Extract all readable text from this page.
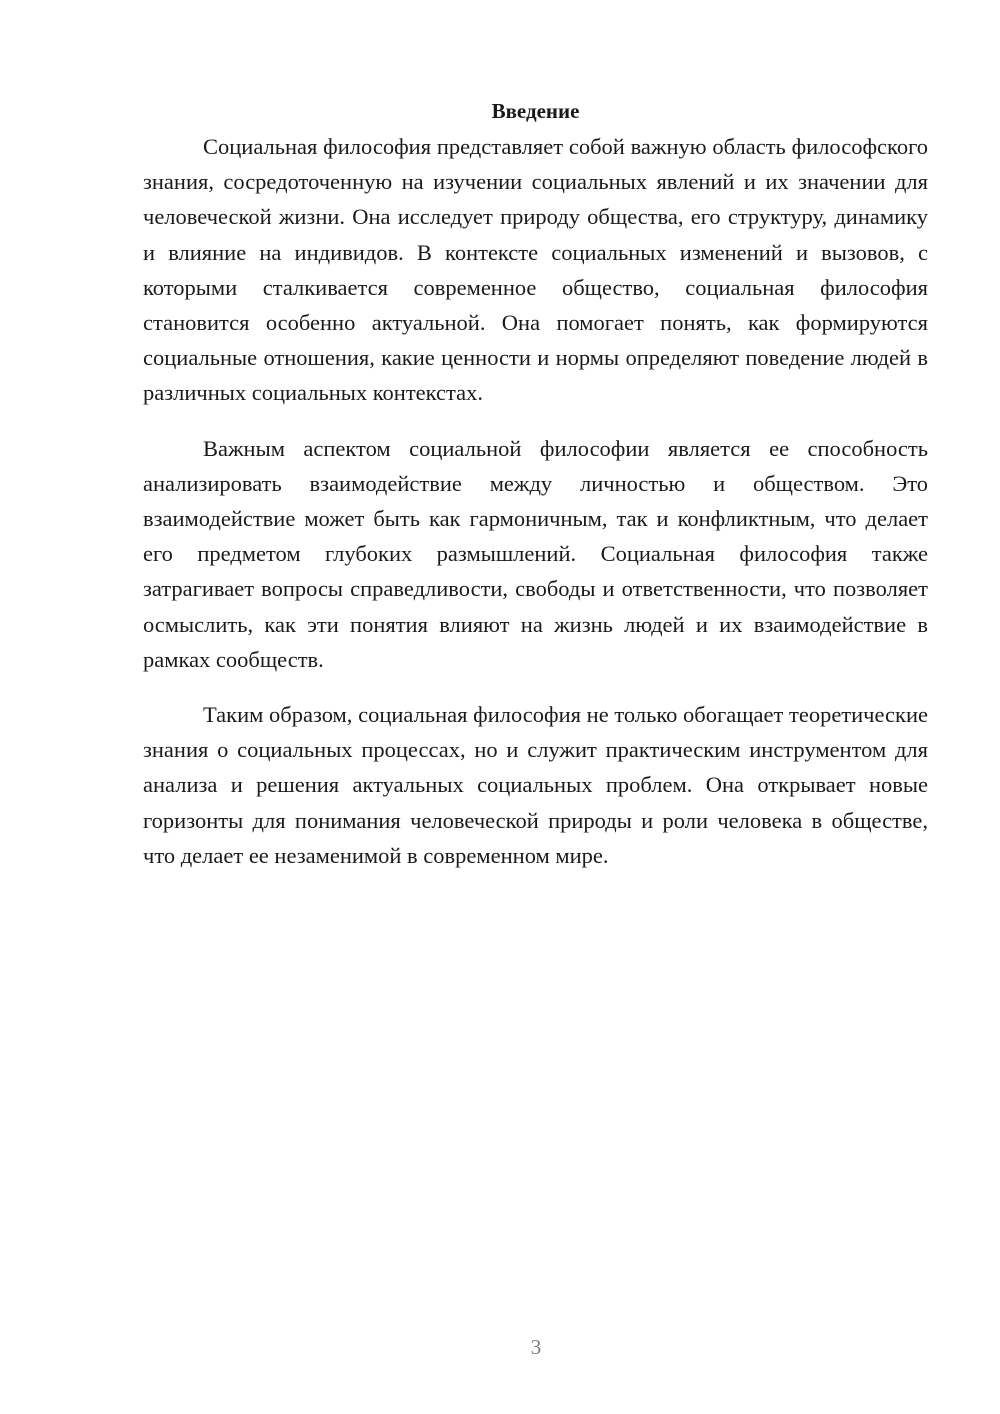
Введение

Социальная философия представляет собой важную область философского знания, сосредоточенную на изучении социальных явлений и их значении для человеческой жизни. Она исследует природу общества, его структуру, динамику и влияние на индивидов. В контексте социальных изменений и вызовов, с которыми сталкивается современное общество, социальная философия становится особенно актуальной. Она помогает понять, как формируются социальные отношения, какие ценности и нормы определяют поведение людей в различных социальных контекстах.

Важным аспектом социальной философии является ее способность анализировать взаимодействие между личностью и обществом. Это взаимодействие может быть как гармоничным, так и конфликтным, что делает его предметом глубоких размышлений. Социальная философия также затрагивает вопросы справедливости, свободы и ответственности, что позволяет осмыслить, как эти понятия влияют на жизнь людей и их взаимодействие в рамках сообществ.

Таким образом, социальная философия не только обогащает теоретические знания о социальных процессах, но и служит практическим инструментом для анализа и решения актуальных социальных проблем. Она открывает новые горизонты для понимания человеческой природы и роли человека в обществе, что делает ее незаменимой в современном мире.

3
